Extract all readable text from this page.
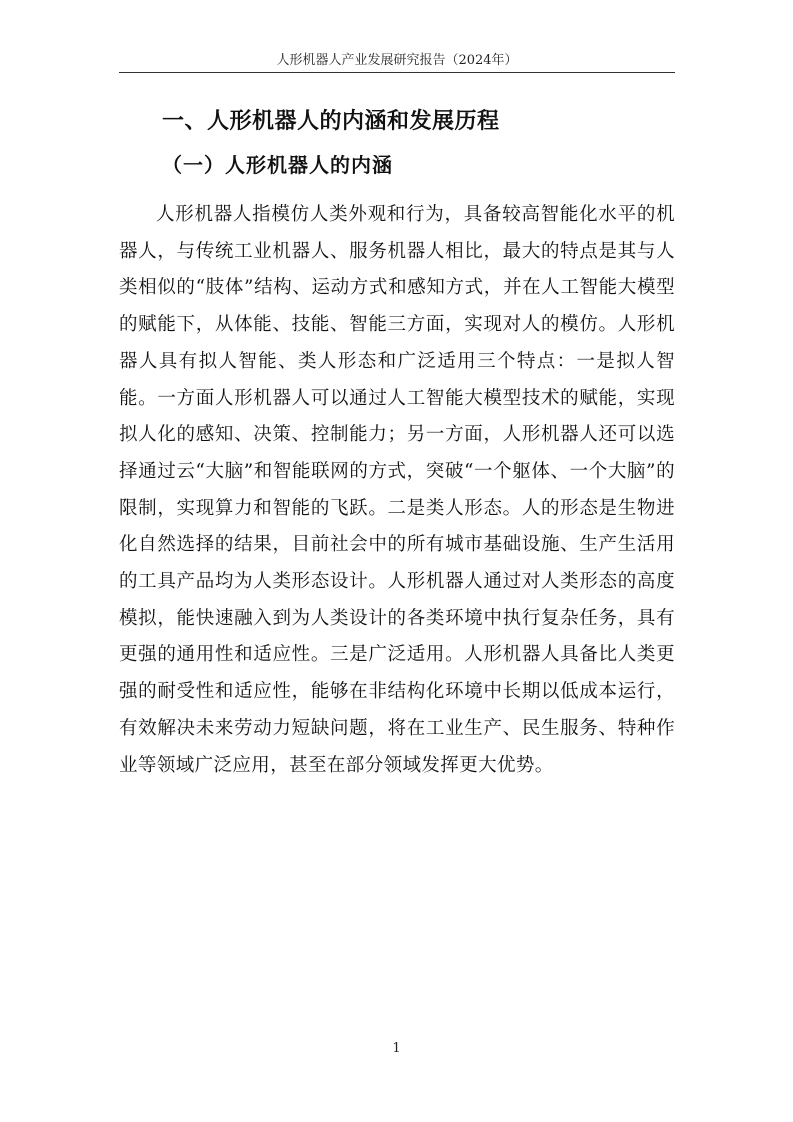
人形机器人产业发展研究报告（2024年）
一、人形机器人的内涵和发展历程
（一）人形机器人的内涵

人形机器人指模仿人类外观和行为，具备较高智能化水平的机器人，与传统工业机器人、服务机器人相比，最大的特点是其与人类相似的“肢体”结构、运动方式和感知方式，并在人工智能大模型的赋能下，从体能、技能、智能三方面，实现对人的模仿。人形机器人具有拟人智能、类人形态和广泛适用三个特点：一是拟人智能。一方面人形机器人可以通过人工智能大模型技术的赋能，实现拟人化的感知、决策、控制能力；另一方面，人形机器人还可以选择通过云“大脑”和智能联网的方式，突破“一个躯体、一个大脑”的限制，实现算力和智能的飞跃。二是类人形态。人的形态是生物进化自然选择的结果，目前社会中的所有城市基础设施、生产生活用的工具产品均为人类形态设计。人形机器人通过对人类形态的高度模拟，能快速融入到为人类设计的各类环境中执行复杂任务，具有更强的通用性和适应性。三是广泛适用。人形机器人具备比人类更强的耐受性和适应性，能够在非结构化环境中长期以低成本运行，有效解决未来劳动力短缺问题，将在工业生产、民生服务、特种作业等领域广泛应用，甚至在部分领域发挥更大优势。

1
